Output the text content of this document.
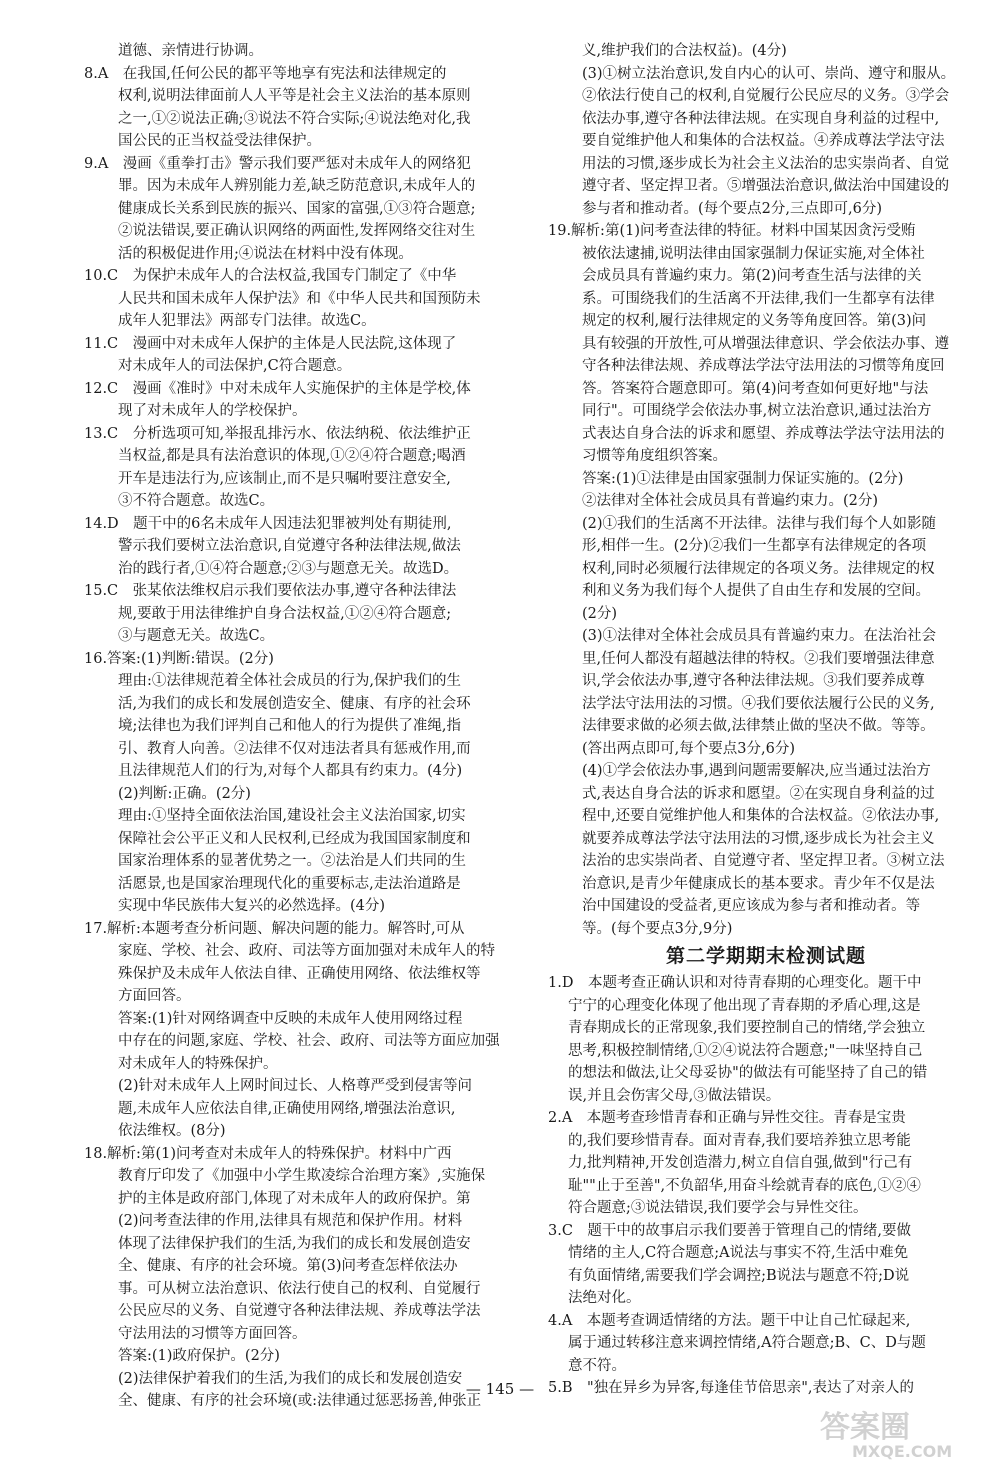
道德、亲情进行协调。
8.A　在我国,任何公民的都平等地享有宪法和法律规定的
权利,说明法律面前人人平等是社会主义法治的基本原则
之一,①②说法正确;③说法不符合实际;④说法绝对化,我
国公民的正当权益受法律保护。
9.A　漫画《重拳打击》警示我们要严惩对未成年人的网络犯
罪。因为未成年人辨别能力差,缺乏防范意识,未成年人的
健康成长关系到民族的振兴、国家的富强,①③符合题意;
②说法错误,要正确认识网络的两面性,发挥网络交往对生
活的积极促进作用;④说法在材料中没有体现。
10.C　为保护未成年人的合法权益,我国专门制定了《中华
人民共和国未成年人保护法》和《中华人民共和国预防未
成年人犯罪法》两部专门法律。故选C。
11.C　漫画中对未成年人保护的主体是人民法院,这体现了
对未成年人的司法保护,C符合题意。
12.C　漫画《准时》中对未成年人实施保护的主体是学校,体
现了对未成年人的学校保护。
13.C　分析选项可知,举报乱排污水、依法纳税、依法维护正
当权益,都是具有法治意识的体现,①②④符合题意;喝酒
开车是违法行为,应该制止,而不是只嘱咐要注意安全,
③不符合题意。故选C。
14.D　题干中的6名未成年人因违法犯罪被判处有期徒刑,
警示我们要树立法治意识,自觉遵守各种法律法规,做法
治的践行者,①④符合题意;②③与题意无关。故选D。
15.C　张某依法维权启示我们要依法办事,遵守各种法律法
规,要敢于用法律维护自身合法权益,①②④符合题意;
③与题意无关。故选C。
16.答案:(1)判断:错误。(2分)
理由:①法律规范着全体社会成员的行为,保护我们的生
活,为我们的成长和发展创造安全、健康、有序的社会环
境;法律也为我们评判自己和他人的行为提供了准绳,指
引、教育人向善。②法律不仅对违法者具有惩戒作用,而
且法律规范人们的行为,对每个人都具有约束力。(4分)
(2)判断:正确。(2分)
理由:①坚持全面依法治国,建设社会主义法治国家,切实
保障社会公平正义和人民权利,已经成为我国国家制度和
国家治理体系的显著优势之一。②法治是人们共同的生
活愿景,也是国家治理现代化的重要标志,走法治道路是
实现中华民族伟大复兴的必然选择。(4分)
17.解析:本题考查分析问题、解决问题的能力。解答时,可从
家庭、学校、社会、政府、司法等方面加强对未成年人的特
殊保护及未成年人依法自律、正确使用网络、依法维权等
方面回答。
答案:(1)针对网络调查中反映的未成年人使用网络过程
中存在的问题,家庭、学校、社会、政府、司法等方面应加强
对未成年人的特殊保护。
(2)针对未成年人上网时间过长、人格尊严受到侵害等问
题,未成年人应依法自律,正确使用网络,增强法治意识,
依法维权。(8分)
18.解析:第(1)问考查对未成年人的特殊保护。材料中广西
教育厅印发了《加强中小学生欺凌综合治理方案》,实施保
护的主体是政府部门,体现了对未成年人的政府保护。第
(2)问考查法律的作用,法律具有规范和保护作用。材料
体现了法律保护我们的生活,为我们的成长和发展创造安
全、健康、有序的社会环境。第(3)问考查怎样依法办
事。可从树立法治意识、依法行使自己的权利、自觉履行
公民应尽的义务、自觉遵守各种法律法规、养成尊法学法
守法用法的习惯等方面回答。
答案:(1)政府保护。(2分)
(2)法律保护着我们的生活,为我们的成长和发展创造安
全、健康、有序的社会环境(或:法律通过惩恶扬善,伸张正
义,维护我们的合法权益)。(4分)
(3)①树立法治意识,发自内心的认可、崇尚、遵守和服从。
②依法行使自己的权利,自觉履行公民应尽的义务。③学会
依法办事,遵守各种法律法规。在实现自身利益的过程中,
要自觉维护他人和集体的合法权益。④养成尊法学法守法
用法的习惯,逐步成长为社会主义法治的忠实崇尚者、自觉
遵守者、坚定捍卫者。⑤增强法治意识,做法治中国建设的
参与者和推动者。(每个要点2分,三点即可,6分)
19.解析:第(1)问考查法律的特征。材料中国某因贪污受贿
被依法逮捕,说明法律由国家强制力保证实施,对全体社
会成员具有普遍约束力。第(2)问考查生活与法律的关
系。可围绕我们的生活离不开法律,我们一生都享有法律
规定的权利,履行法律规定的义务等角度回答。第(3)问
具有较强的开放性,可从增强法律意识、学会依法办事、遵
守各种法律法规、养成尊法学法守法用法的习惯等角度回
答。答案符合题意即可。第(4)问考查如何更好地"与法
同行"。可围绕学会依法办事,树立法治意识,通过法治方
式表达自身合法的诉求和愿望、养成尊法学法守法用法的
习惯等角度组织答案。
答案:(1)①法律是由国家强制力保证实施的。(2分)
②法律对全体社会成员具有普遍约束力。(2分)
(2)①我们的生活离不开法律。法律与我们每个人如影随
形,相伴一生。(2分)②我们一生都享有法律规定的各项
权利,同时必须履行法律规定的各项义务。法律规定的权
利和义务为我们每个人提供了自由生存和发展的空间。
(2分)
(3)①法律对全体社会成员具有普遍约束力。在法治社会
里,任何人都没有超越法律的特权。②我们要增强法律意
识,学会依法办事,遵守各种法律法规。③我们要养成尊
法学法守法用法的习惯。④我们要依法履行公民的义务,
法律要求做的必须去做,法律禁止做的坚决不做。等等。
(答出两点即可,每个要点3分,6分)
(4)①学会依法办事,遇到问题需要解决,应当通过法治方
式,表达自身合法的诉求和愿望。②在实现自身利益的过
程中,还要自觉维护他人和集体的合法权益。②依法办事,
就要养成尊法学法守法用法的习惯,逐步成长为社会主义
法治的忠实崇尚者、自觉遵守者、坚定捍卫者。③树立法
治意识,是青少年健康成长的基本要求。青少年不仅是法
治中国建设的受益者,更应该成为参与者和推动者。等
等。(每个要点3分,9分)
第二学期期末检测试题
1.D　本题考查正确认识和对待青春期的心理变化。题干中
宁宁的心理变化体现了他出现了青春期的矛盾心理,这是
青春期成长的正常现象,我们要控制自己的情绪,学会独立
思考,积极控制情绪,①②④说法符合题意;"一味坚持自己
的想法和做法,让父母妥协"的做法有可能坚持了自己的错
误,并且会伤害父母,③做法错误。
2.A　本题考查珍惜青春和正确与异性交往。青春是宝贵
的,我们要珍惜青春。面对青春,我们要培养独立思考能
力,批判精神,开发创造潜力,树立自信自强,做到"行己有
耻""止于至善",不负韶华,用奋斗绘就青春的底色,①②④
符合题意;③说法错误,我们要学会与异性交往。
3.C　题干中的故事启示我们要善于管理自己的情绪,要做
情绪的主人,C符合题意;A说法与事实不符,生活中难免
有负面情绪,需要我们学会调控;B说法与题意不符;D说
法绝对化。
4.A　本题考查调适情绪的方法。题干中让自己忙碌起来,
属于通过转移注意来调控情绪,A符合题意;B、C、D与题
意不符。
5.B　"独在异乡为异客,每逢佳节倍思亲",表达了对亲人的
— 145 —
答案圈
MXQE.COM
